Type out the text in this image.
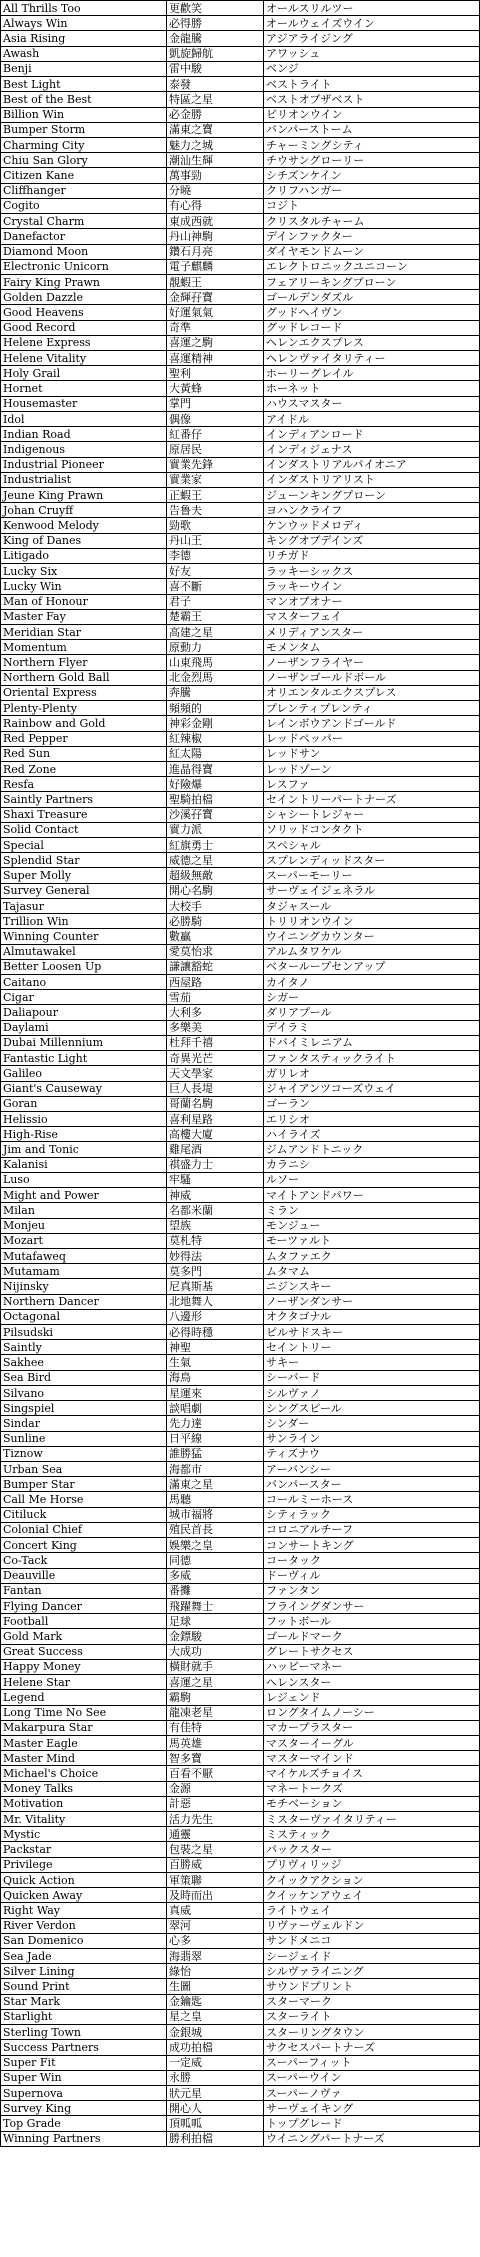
All Thrills Too	更歡笑	オールスリルツー
Always Win	必得勝	オールウェイズウイン
Asia Rising	金龍騰	アジアライジング
Awash	凱旋歸航	アワッシュ
Benji	雷中駿	ベンジ
Best Light	泰發	ベストライト
Best of the Best	特區之星	ベストオブザベスト
Billion Win	必金勝	ビリオンウイン
Bumper Storm	滿東之寶	バンパーストーム
Charming City	魅力之城	チャーミングシティ
Chiu San Glory	潮汕生輝	チウサングローリー
Citizen Kane	萬事勁	シチズンケイン
Cliffhanger	分曉	クリフハンガー
Cogito	有心得	コジト
Crystal Charm	東成西就	クリスタルチャーム
Danefactor	丹山神駒	デインファクター
Diamond Moon	鑽石月亮	ダイヤモンドムーン
Electronic Unicorn	電子麒麟	エレクトロニックユニコーン
Fairy King Prawn	靚蝦王	フェアリーキングプローン
Golden Dazzle	金輝孖寶	ゴールデンダズル
Good Heavens	好運氣氣	グッドヘイヴン
Good Record	奇準	グッドレコード
Helene Express	喜運之駒	ヘレンエクスプレス
Helene Vitality	喜運精神	ヘレンヴァイタリティー
Holy Grail	聖利	ホーリーグレイル
Hornet	大黃蜂	ホーネット
Housemaster	掌門	ハウスマスター
Idol	偶像	アイドル
Indian Road	紅番仔	インディアンロード
Indigenous	原居民	インディジェナス
Industrial Pioneer	實業先鋒	インダストリアルパイオニア
Industrialist	實業家	インダストリアリスト
Jeune King Prawn	正蝦王	ジューンキングプローン
Johan Cruyff	告鲁夫	ヨハンクライフ
Kenwood Melody	勁歌	ケンウッドメロディ
King of Danes	丹山王	キングオブデインズ
Litigado	李德	リチガド
Lucky Six	好友	ラッキーシックス
Lucky Win	喜不斷	ラッキーウイン
Man of Honour	君子	マンオブオナー
Master Fay	楚霸王	マスターフェイ
Meridian Star	高建之星	メリディアンスター
Momentum	原動力	モメンタム
Northern Flyer	山東飛馬	ノーザンフライヤー
Northern Gold Ball	北金烈馬	ノーザンゴールドボール
Oriental Express	奔騰	オリエンタルエクスプレス
Plenty-Plenty	頻頻的	プレンティプレンティ
Rainbow and Gold	神彩金剛	レインボウアンドゴールド
Red Pepper	紅辣椒	レッドペッパー
Red Sun	紅太陽	レッドサン
Red Zone	進晶得寶	レッドゾーン
Resfa	好險爆	レスファ
Saintly Partners	聖騎拍檔	セイントリーパートナーズ
Shaxi Treasure	沙溪孖寶	シャシートレジャー
Solid Contact	實力派	ソリッドコンタクト
Special	紅旗勇士	スペシャル
Splendid Star	威德之星	スプレンディッドスター
Super Molly	超級無敵	スーパーモーリー
Survey General	開心名駒	サーヴェイジェネラル
Tajasur	大校手	タジャスール
Trillion Win	必勝騎	トリリオンウイン
Winning Counter	數贏	ウイニングカウンター
Almutawakel	愛莫怡求	アルムタワケル
Better Loosen Up	謙讓豁蛇	ベターループセンアップ
Caitano	西屋路	カイタノ
Cigar	雪茄	シガー
Daliapour	大利多	ダリアプール
Daylami	多樂美	デイラミ
Dubai Millennium	杜拜千禧	ドバイミレニアム
Fantastic Light	奇異光芒	ファンタスティックライト
Galileo	天文學家	ガリレオ
Giant's Causeway	巨人長堤	ジャイアンツコーズウェイ
Goran	哥蘭名駒	ゴーラン
Helissio	喜利星路	エリシオ
High-Rise	高樓大廈	ハイライズ
Jim and Tonic	雞尾酒	ジムアンドトニック
Kalanisi	祺盛力士	カラニシ
Luso	牢騷	ルソー
Might and Power	神威	マイトアンドパワー
Milan	名都米蘭	ミラン
Monjeu	望族	モンジュー
Mozart	莫札特	モーツァルト
Mutafaweq	妙得法	ムタファエク
Mutamam	莫多門	ムタマム
Nijinsky	尼真斯基	ニジンスキー
Northern Dancer	北地舞人	ノーザンダンサー
Octagonal	八邊形	オクタゴナル
Pilsudski	必得時穩	ピルサドスキー
Saintly	神聖	セイントリー
Sakhee	生氣	サキー
Sea Bird	海鳥	シーバード
Silvano	星運來	シルヴァノ
Singspiel	談唱劇	シングスピール
Sindar	先力達	シンダー
Sunline	日平線	サンライン
Tiznow	誰勝猛	ティズナウ
Urban Sea	海都市	アーバンシー
Bumper Star	滿東之星	バンパースター
Call Me Horse	馬聽	コールミーホース
Citiluck	城市福將	シティラック
Colonial Chief	殖民首長	コロニアルチーフ
Concert King	娛樂之皇	コンサートキング
Co-Tack	同德	コータック
Deauville	多威	ドーヴィル
Fantan	番攤	ファンタン
Flying Dancer	飛躍舞士	フライングダンサー
Football	足球	フットボール
Gold Mark	金鏢駿	ゴールドマーク
Great Success	大成功	グレートサクセス
Happy Money	橫財就手	ハッピーマネー
Helene Star	喜運之星	ヘレンスター
Legend	霸駒	レジェンド
Long Time No See	龍凍老星	ロングタイムノーシー
Makarpura Star	有佳特	マカープラスター
Master Eagle	馬英雄	マスターイーグル
Master Mind	智多寶	マスターマインド
Michael's Choice	百看不厭	マイケルズチョイス
Money Talks	金源	マネートークズ
Motivation	計惡	モチベーション
Mr. Vitality	活力先生	ミスターヴァイタリティー
Mystic	通靈	ミスティック
Packstar	包裝之星	パックスター
Privilege	百勝威	プリヴィリッジ
Quick Action	軍策聯	クイックアクション
Quicken Away	及時而出	クイッケンアウェイ
Right Way	真威	ライトウェイ
River Verdon	翠河	リヴァーヴェルドン
San Domenico	心多	サンドメニコ
Sea Jade	海翡翠	シージェイド
Silver Lining	綠怡	シルヴァライニング
Sound Print	生圖	サウンドプリント
Star Mark	金鑰匙	スターマーク
Starlight	星之皇	スターライト
Sterling Town	金銀城	スターリングタウン
Success Partners	成功拍檔	サクセスパートナーズ
Super Fit	一定威	スーパーフィット
Super Win	永勝	スーパーウイン
Supernova	狀元星	スーパーノヴァ
Survey King	開心人	サーヴェイキング
Top Grade	頂呱呱	トップグレード
Winning Partners	勝利拍檔	ウイニングパートナーズ
